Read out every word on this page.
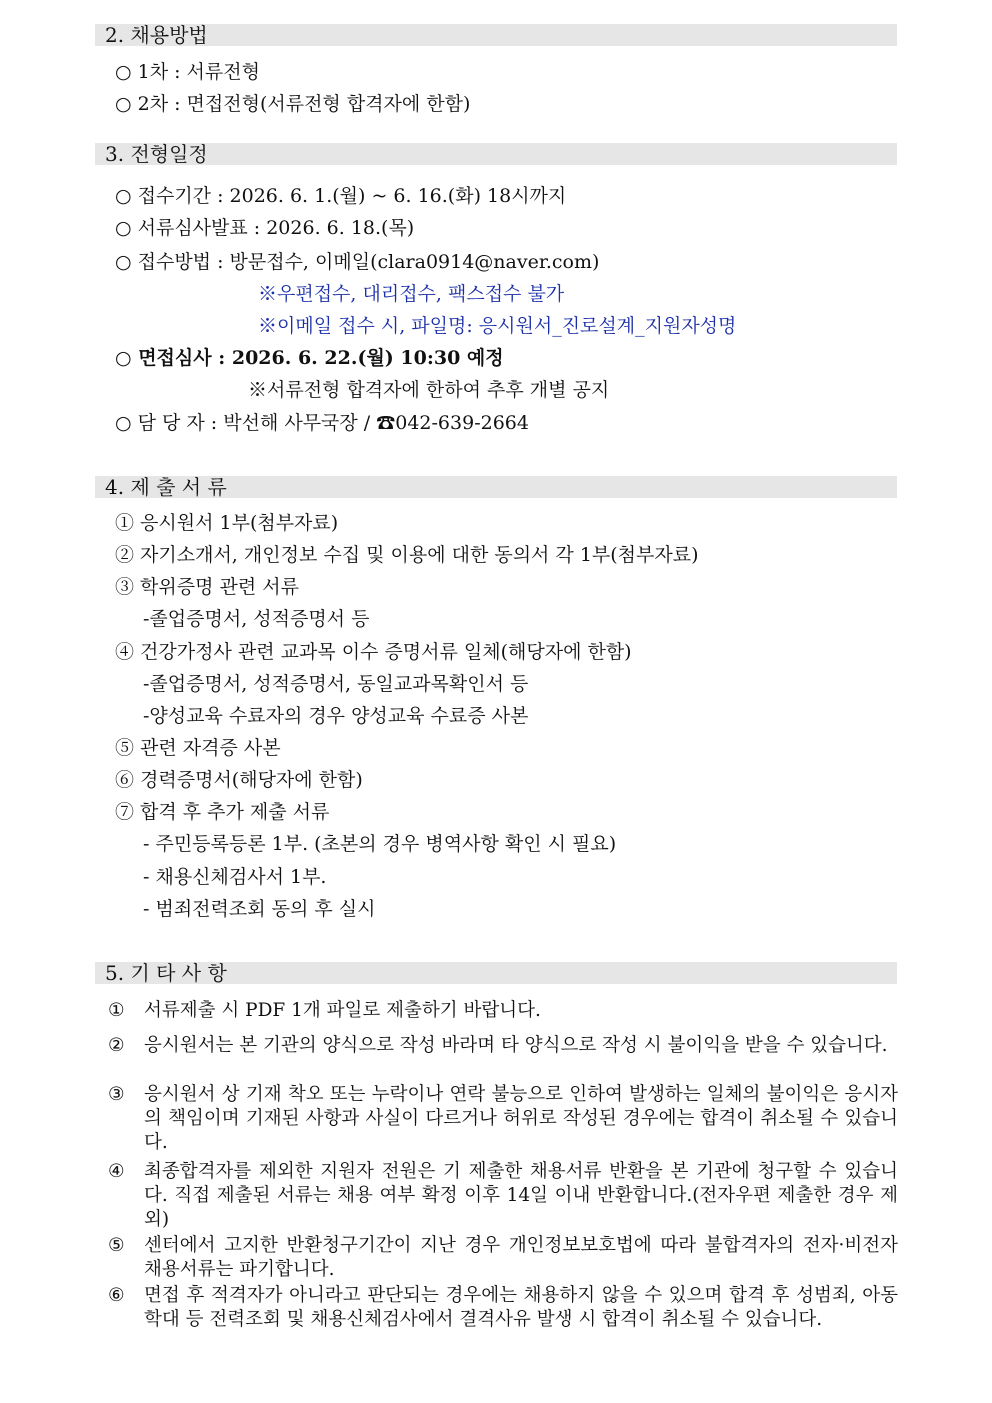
2. 채용방법
○ 1차 : 서류전형
○ 2차 : 면접전형(서류전형 합격자에 한함)
3. 전형일정
○ 접수기간 : 2026. 6. 1.(월) ~ 6. 16.(화) 18시까지
○ 서류심사발표 : 2026. 6. 18.(목)
○ 접수방법 : 방문접수, 이메일(clara0914@naver.com)
※우편접수, 대리접수, 팩스접수 불가
※이메일 접수 시, 파일명: 응시원서_진로설계_지원자성명
○ 면접심사 : 2026. 6. 22.(월) 10:30 예정
※서류전형 합격자에 한하여 추후 개별 공지
○ 담 당 자 : 박선해 사무국장 / ☎042-639-2664
4. 제 출 서 류
① 응시원서 1부(첨부자료)
② 자기소개서, 개인정보 수집 및 이용에 대한 동의서 각 1부(첨부자료)
③ 학위증명 관련 서류
-졸업증명서, 성적증명서 등
④ 건강가정사 관련 교과목 이수 증명서류 일체(해당자에 한함)
-졸업증명서, 성적증명서, 동일교과목확인서 등
-양성교육 수료자의 경우 양성교육 수료증 사본
⑤ 관련 자격증 사본
⑥ 경력증명서(해당자에 한함)
⑦ 합격 후 추가 제출 서류
- 주민등록등론 1부. (초본의 경우 병역사항 확인 시 필요)
- 채용신체검사서 1부.
- 범죄전력조회 동의 후 실시
5. 기 타 사 항
①	서류제출 시 PDF 1개 파일로 제출하기 바랍니다.
②	응시원서는 본 기관의 양식으로 작성 바라며 타 양식으로 작성 시 불이익을 받을 수 있습니다.
③	응시원서 상 기재 착오 또는 누락이나 연락 불능으로 인하여 발생하는 일체의 불이익은 응시자의 책임이며 기재된 사항과 사실이 다르거나 허위로 작성된 경우에는 합격이 취소될 수 있습니다.
④	최종합격자를 제외한 지원자 전원은 기 제출한 채용서류 반환을 본 기관에 청구할 수 있습니다. 직접 제출된 서류는 채용 여부 확정 이후 14일 이내 반환합니다.(전자우편 제출한 경우 제외)
⑤	센터에서 고지한 반환청구기간이 지난 경우 개인정보보호법에 따라 불합격자의 전자·비전자 채용서류는 파기합니다.
⑥	면접 후 적격자가 아니라고 판단되는 경우에는 채용하지 않을 수 있으며 합격 후 성범죄, 아동학대 등 전력조회 및 채용신체검사에서 결격사유 발생 시 합격이 취소될 수 있습니다.
